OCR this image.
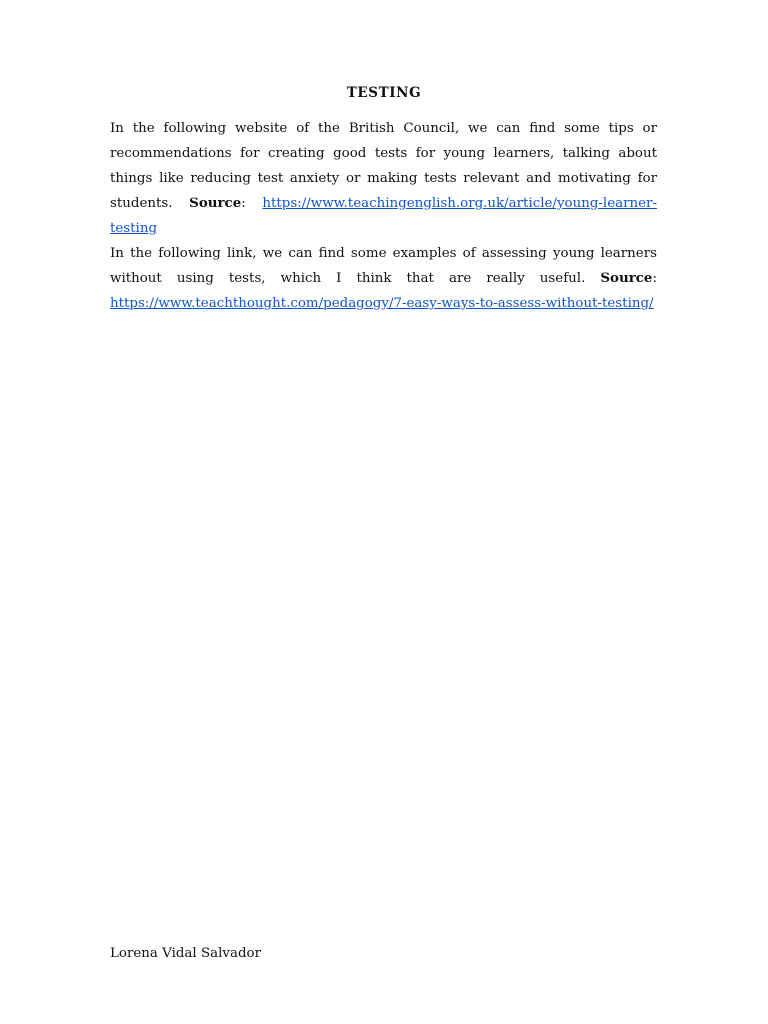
TESTING

In the following website of the British Council, we can find some tips or recommendations for creating good tests for young learners, talking about things like reducing test anxiety or making tests relevant and motivating for students. Source: https://www.teachingenglish.org.uk/article/young-learner-testing

In the following link, we can find some examples of assessing young learners without using tests, which I think that are really useful. Source: https://www.teachthought.com/pedagogy/7-easy-ways-to-assess-without-testing/

Lorena Vidal Salvador
